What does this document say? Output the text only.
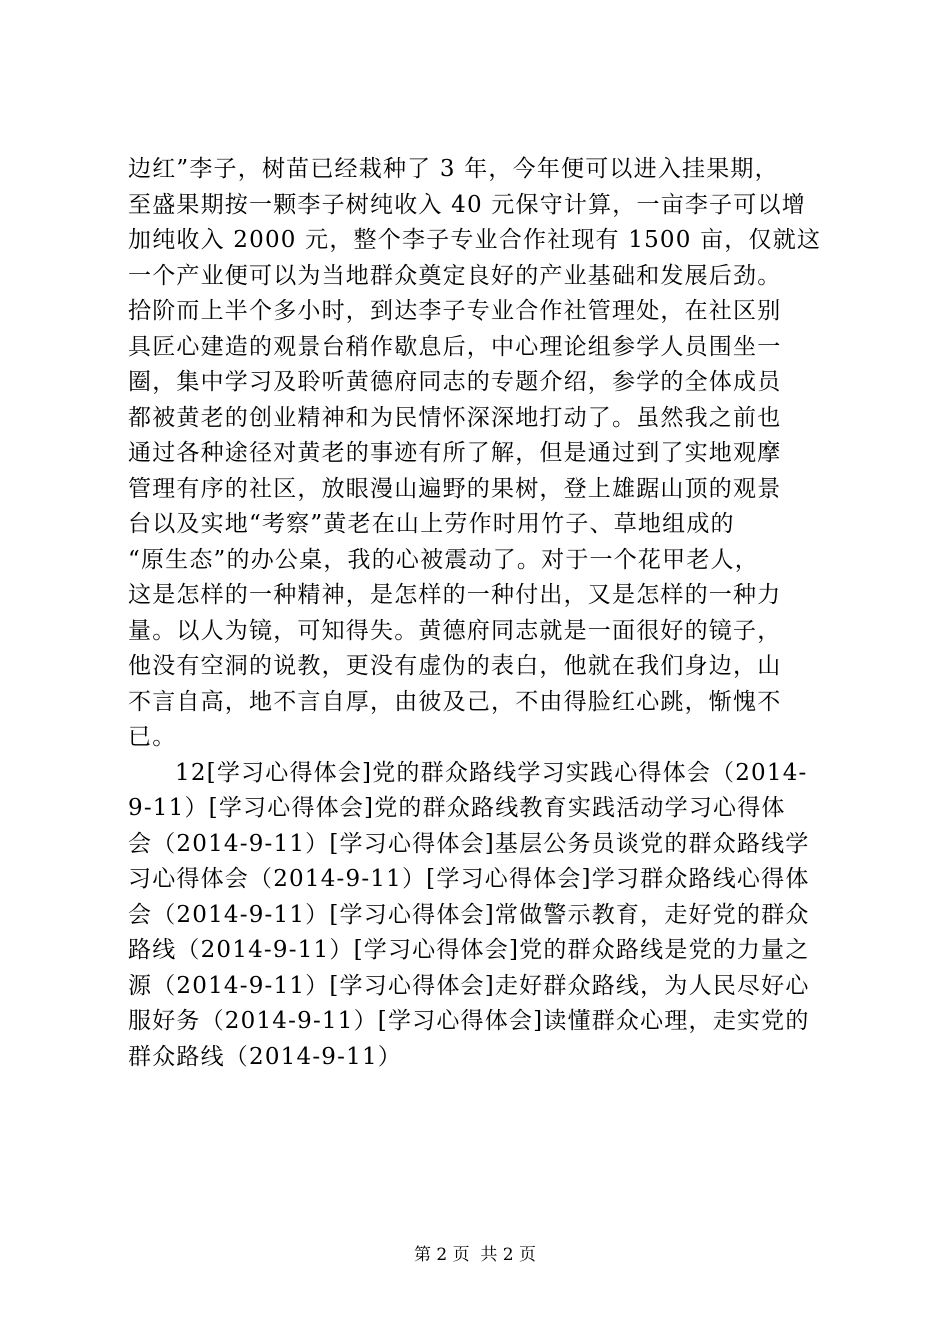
边红”李子，树苗已经栽种了 3 年，今年便可以进入挂果期，
至盛果期按一颗李子树纯收入 40 元保守计算，一亩李子可以增
加纯收入 2000 元，整个李子专业合作社现有 1500 亩，仅就这
一个产业便可以为当地群众奠定良好的产业基础和发展后劲。
拾阶而上半个多小时，到达李子专业合作社管理处，在社区别
具匠心建造的观景台稍作歇息后，中心理论组参学人员围坐一
圈，集中学习及聆听黄德府同志的专题介绍，参学的全体成员
都被黄老的创业精神和为民情怀深深地打动了。虽然我之前也
通过各种途径对黄老的事迹有所了解，但是通过到了实地观摩
管理有序的社区，放眼漫山遍野的果树，登上雄踞山顶的观景
台以及实地“考察”黄老在山上劳作时用竹子、草地组成的
“原生态”的办公桌，我的心被震动了。对于一个花甲老人，
这是怎样的一种精神，是怎样的一种付出，又是怎样的一种力
量。以人为镜，可知得失。黄德府同志就是一面很好的镜子，
他没有空洞的说教，更没有虚伪的表白，他就在我们身边，山
不言自高，地不言自厚，由彼及己，不由得脸红心跳，惭愧不
已。
12[学习心得体会]党的群众路线学习实践心得体会（2014-
9-11）[学习心得体会]党的群众路线教育实践活动学习心得体
会（2014-9-11）[学习心得体会]基层公务员谈党的群众路线学
习心得体会（2014-9-11）[学习心得体会]学习群众路线心得体
会（2014-9-11）[学习心得体会]常做警示教育，走好党的群众
路线（2014-9-11）[学习心得体会]党的群众路线是党的力量之
源（2014-9-11）[学习心得体会]走好群众路线，为人民尽好心
服好务（2014-9-11）[学习心得体会]读懂群众心理，走实党的
群众路线（2014-9-11）
第 2 页  共 2 页
